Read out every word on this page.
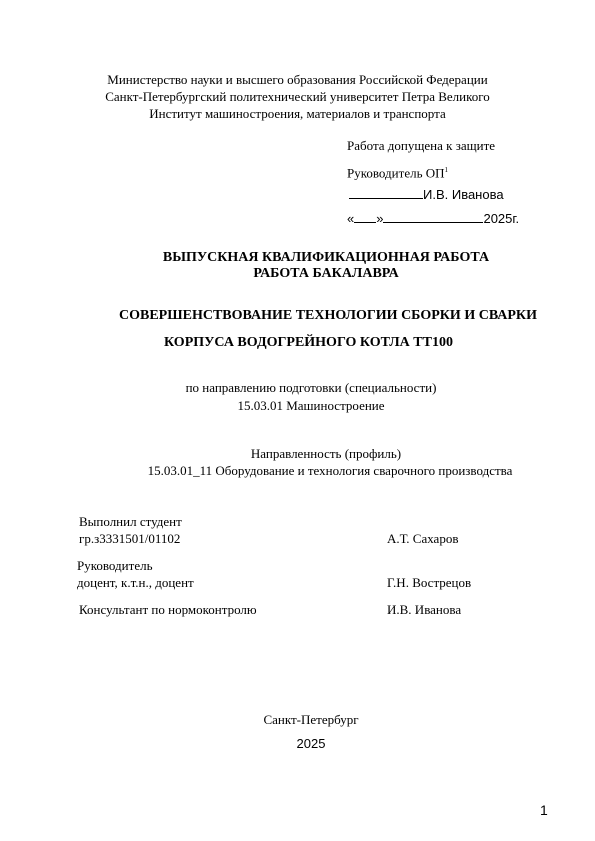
Министерство науки и высшего образования Российской Федерации
Санкт-Петербургский политехнический университет Петра Великого
Институт машиностроения, материалов и транспорта
Работа допущена к защите
Руководитель $ОП^1$
И.В. Иванова
« »	2025г.
ВЫПУСКНАЯ КВАЛИФИКАЦИОННАЯ РАБОТА
РАБОТА БАКАЛАВРА
СОВЕРШЕНСТВОВАНИЕ ТЕХНОЛОГИИ СБОРКИ И СВАРКИ
КОРПУСА ВОДОГРЕЙНОГО КОТЛА ТТ100
по направлению подготовки (специальности)
15.03.01 Машиностроение
Направленность (профиль)
15.03.01_11 Оборудование и технология сварочного производства
Выполнил студент
гр.з3331501/01102	А.Т. Сахаров
Руководитель
доцент, к.т.н., доцент	Г.Н. Вострецов
Консультант по нормоконтролю	И.В. Иванова
Санкт-Петербург
2025
1
